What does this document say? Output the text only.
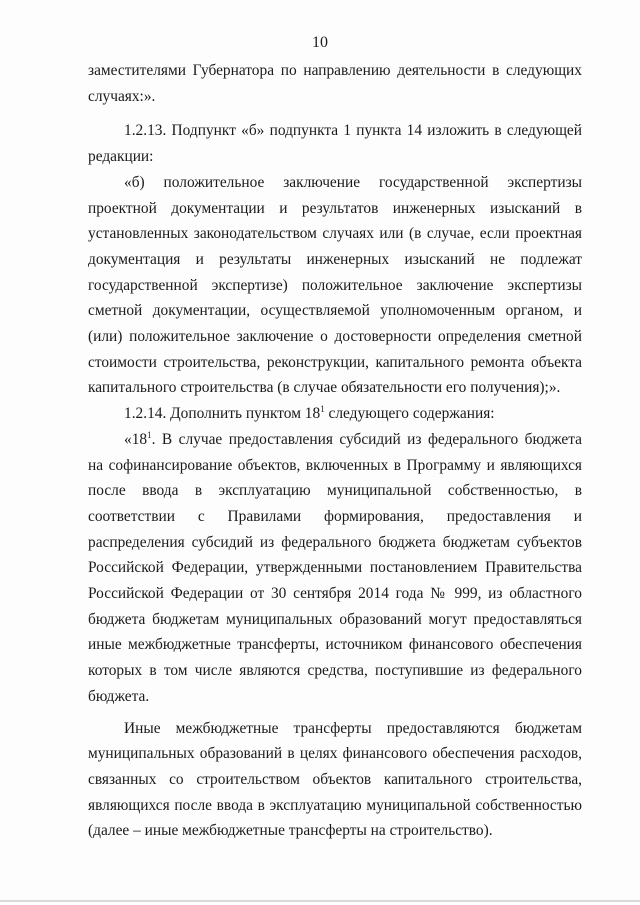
10

заместителями Губернатора по направлению деятельности в следующих случаях:».

1.2.13. Подпункт «б» подпункта 1 пункта 14 изложить в следующей редакции:

«б) положительное заключение государственной экспертизы проектной документации и результатов инженерных изысканий в установленных законодательством случаях или (в случае, если проектная документация и результаты инженерных изысканий не подлежат государственной экспертизе) положительное заключение экспертизы сметной документации, осуществляемой уполномоченным органом, и (или) положительное заключение о достоверности определения сметной стоимости строительства, реконструкции, капитального ремонта объекта капитального строительства (в случае обязательности его получения);».

1.2.14. Дополнить пунктом $18^1$ следующего содержания:

«$18^1$. В случае предоставления субсидий из федерального бюджета на софинансирование объектов, включенных в Программу и являющихся после ввода в эксплуатацию муниципальной собственностью, в соответствии с Правилами формирования, предоставления и распределения субсидий из федерального бюджета бюджетам субъектов Российской Федерации, утвержденными постановлением Правительства Российской Федерации от 30 сентября 2014 года № 999, из областного бюджета бюджетам муниципальных образований могут предоставляться иные межбюджетные трансферты, источником финансового обеспечения которых в том числе являются средства, поступившие из федерального бюджета.

Иные межбюджетные трансферты предоставляются бюджетам муниципальных образований в целях финансового обеспечения расходов, связанных со строительством объектов капитального строительства, являющихся после ввода в эксплуатацию муниципальной собственностью (далее – иные межбюджетные трансферты на строительство).
